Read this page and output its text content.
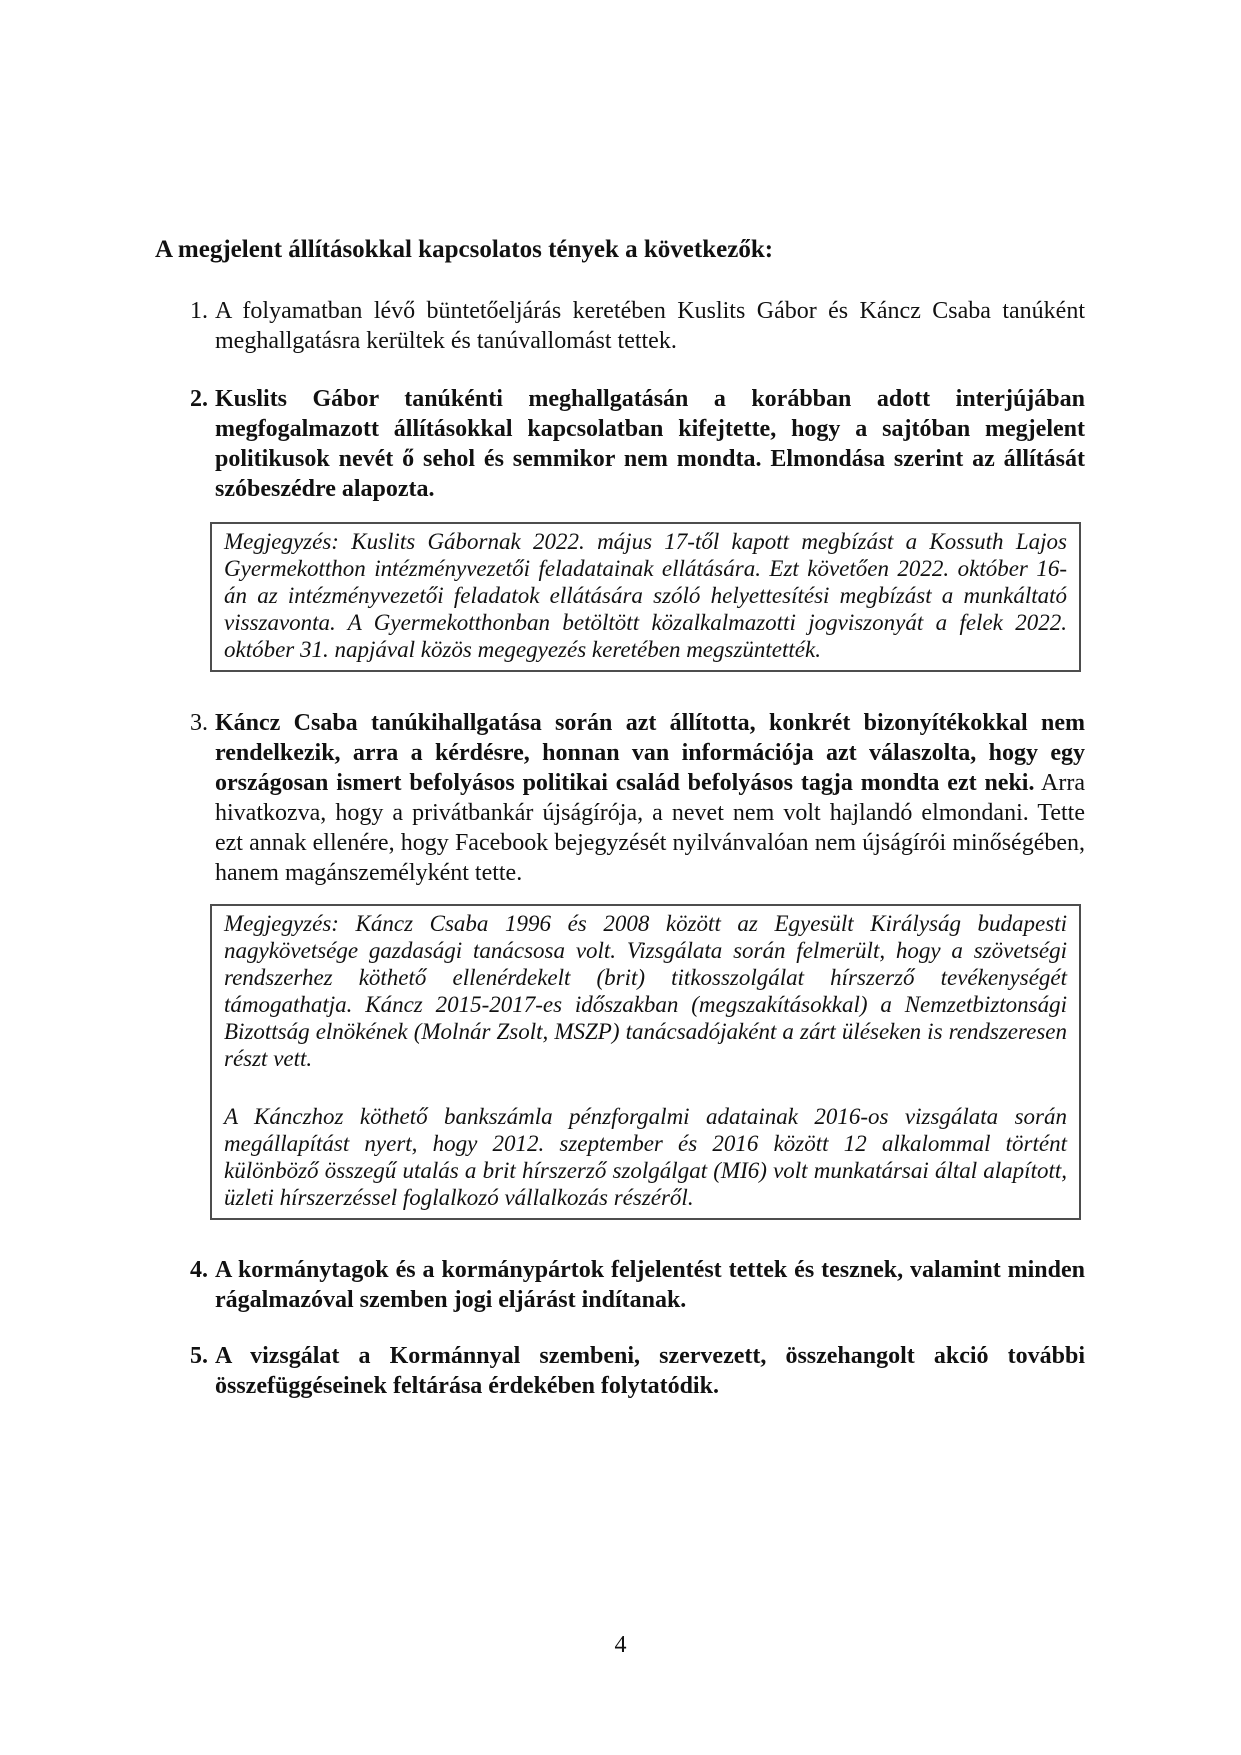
A megjelent állításokkal kapcsolatos tények a következők:
1. A folyamatban lévő büntetőeljárás keretében Kuslits Gábor és Káncz Csaba tanúként meghallgatásra kerültek és tanúvallomást tettek.

2. Kuslits Gábor tanúkénti meghallgatásán a korábban adott interjújában megfogalmazott állításokkal kapcsolatban kifejtette, hogy a sajtóban megjelent politikusok nevét ő sehol és semmikor nem mondta. Elmondása szerint az állítását szóbeszédre alapozta.

Megjegyzés: Kuslits Gábornak 2022. május 17-től kapott megbízást a Kossuth Lajos Gyermekotthon intézményvezetői feladatainak ellátására. Ezt követően 2022. október 16-án az intézményvezetői feladatok ellátására szóló helyettesítési megbízást a munkáltató visszavonta. A Gyermekotthonban betöltött közalkalmazotti jogviszonyát a felek 2022. október 31. napjával közös megegyezés keretében megszüntették.

3. Káncz Csaba tanúkihallgatása során azt állította, konkrét bizonyítékokkal nem rendelkezik, arra a kérdésre, honnan van információja azt válaszolta, hogy egy országosan ismert befolyásos politikai család befolyásos tagja mondta ezt neki. Arra hivatkozva, hogy a privátbankár újságírója, a nevet nem volt hajlandó elmondani. Tette ezt annak ellenére, hogy Facebook bejegyzését nyilvánvalóan nem újságírói minőségében, hanem magánszemélyként tette.

Megjegyzés: Káncz Csaba 1996 és 2008 között az Egyesült Királyság budapesti nagykövetsége gazdasági tanácsosa volt. Vizsgálata során felmerült, hogy a szövetségi rendszerhez köthető ellenérdekelt (brit) titkosszolgálat hírszerző tevékenységét támogathatja. Káncz 2015-2017-es időszakban (megszakításokkal) a Nemzetbiztonsági Bizottság elnökének (Molnár Zsolt, MSZP) tanácsadójaként a zárt üléseken is rendszeresen részt vett.

A Kánczhoz köthető bankszámla pénzforgalmi adatainak 2016-os vizsgálata során megállapítást nyert, hogy 2012. szeptember és 2016 között 12 alkalommal történt különböző összegű utalás a brit hírszerző szolgálgat (MI6) volt munkatársai által alapított, üzleti hírszerzéssel foglalkozó vállalkozás részéről.

4. A kormánytagok és a kormánypártok feljelentést tettek és tesznek, valamint minden rágalmazóval szemben jogi eljárást indítanak.

5. A vizsgálat a Kormánnyal szembeni, szervezett, összehangolt akció további összefüggéseinek feltárása érdekében folytatódik.

4
